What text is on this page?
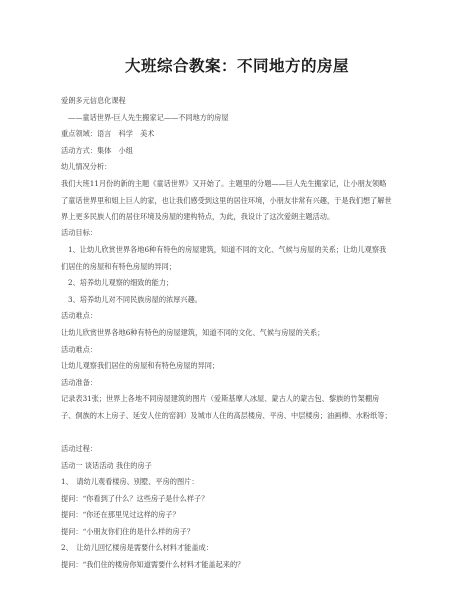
大班综合教案：不同地方的房屋
爱朗多元信息化课程
——童话世界-巨人先生搬家记——不同地方的房屋
重点领域：语言　科学　美术
活动方式：集体　小组
幼儿情况分析：
我们大班11月份的新的主题《童话世界》又开始了。主题里的分题——巨人先生搬家记，让小朋友领略
了童话世界里和姐上巨人的家，也让我们感受到这里的居住环境，小朋友非常有兴趣，于是我们想了解世
界上更多民族人们的居住环境及房屋的建构特点，为此，我设计了这次爱朗主题活动。
活动目标：
1、让幼儿欣赏世界各地6种有特色的房屋建筑，知道不同的文化、气候与房屋的关系；让幼儿观察我
们居住的房屋和有特色房屋的异同；
2、培养幼儿观察的细致的能力；
3、培养幼儿对不同民族房屋的浓厚兴趣。
活动难点：
让幼儿欣赏世界各地6种有特色的房屋建筑，知道不同的文化、气候与房屋的关系；
活动难点：
让幼儿观察我们居住的房屋和有特色房屋的异同；
活动准备：
记录表31张；世界上各地不同房屋建筑的图片（爱斯基摩人冰屋、蒙古人的蒙古包、黎族的竹架棚房
子、侗族的木上房子、延安人住的窑洞）及城市人住的高层楼房、平房、中层楼房；油画棒、水粉纸等；
活动过程：
活动一 谈话活动 我住的房子
1、　请幼儿观看楼房、别墅、平房的图片：
提问：“你看到了什么？这些房子是什么样子？
提问：“你还在那里见过这样的房子？
提问：“小朋友你们住的是什么样的房子？
2、　让幼儿回忆楼房是需要什么材料才能盖成：
提问：“我们住的楼房你知道需要什么材料才能盖起来的？
